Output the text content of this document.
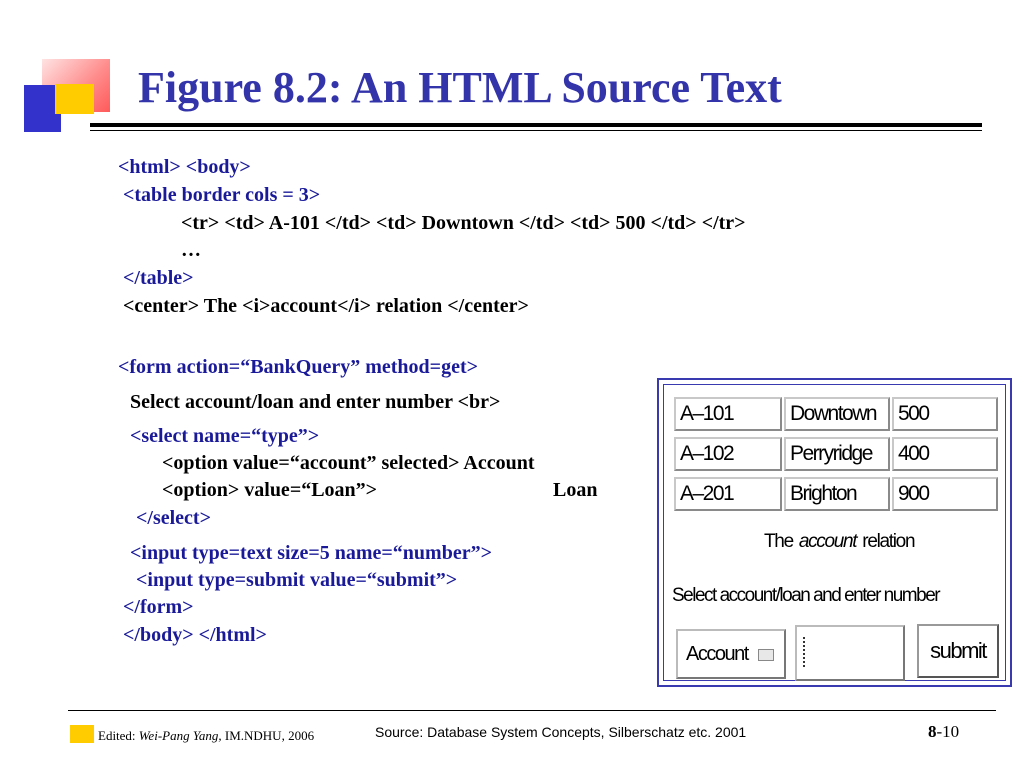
Figure 8.2: An HTML Source Text

<html> <body>

<table border cols = 3>

<tr> <td> A-101 </td> <td> Downtown </td> <td> 500 </td> </tr>

…

</table>

<center> The <i>account</i> relation </center>

<form action=“BankQuery” method=get>

Select account/loan and enter number <br>

<select name=“type”>

<option value=“account” selected> Account

<option> value=“Loan”>	Loan

</select>

<input type=text size=5 name=“number”>

<input type=submit value=“submit”>

</form>

</body> </html>

A–101	Downtown	500
A–102	Perryridge	400
A–201	Brighton	900
The account relation
Select account/loan and enter number
Account	submit
Edited: Wei-Pang Yang, IM.NDHU, 2006	Source: Database System Concepts, Silberschatz etc. 2001	8-10
